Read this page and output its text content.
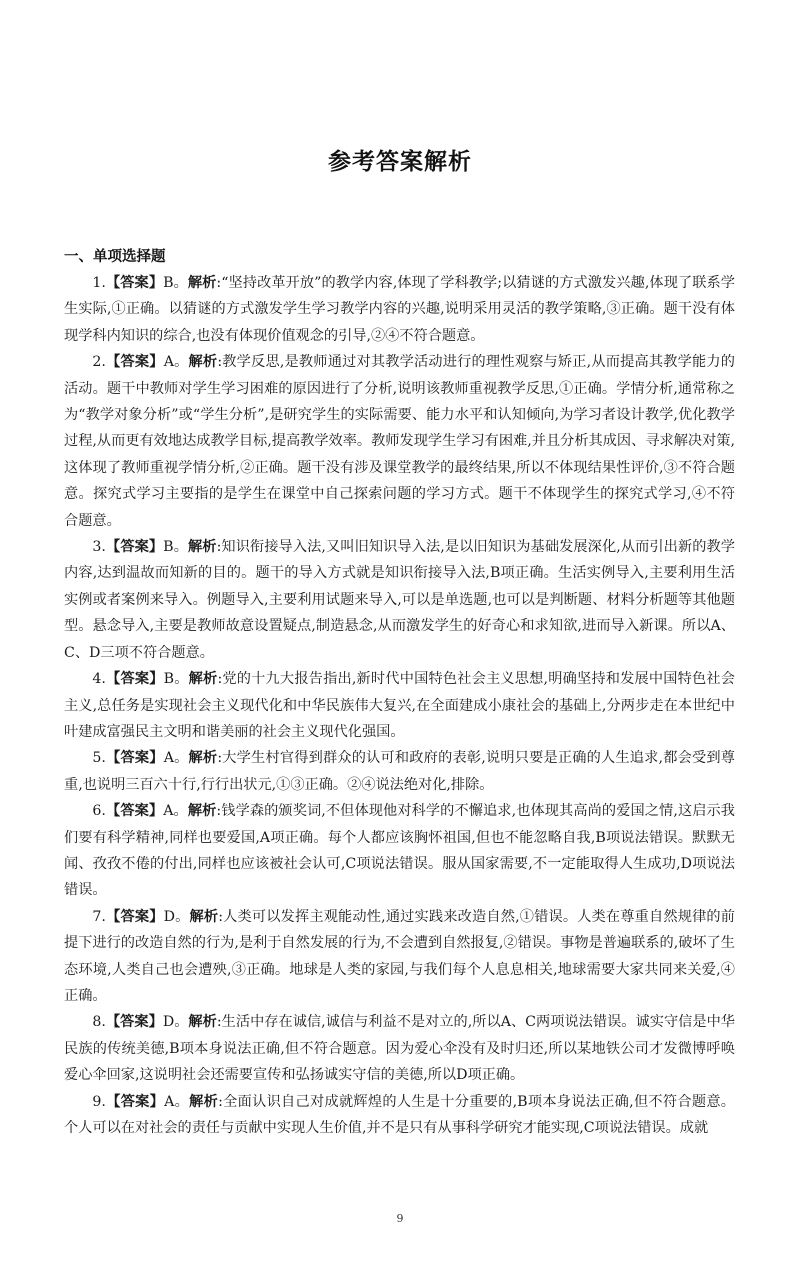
参考答案解析
一、单项选择题

1.【答案】B。解析:“坚持改革开放”的教学内容,体现了学科教学;以猜谜的方式激发兴趣,体现了联系学生实际,①正确。以猜谜的方式激发学生学习教学内容的兴趣,说明采用灵活的教学策略,③正确。题干没有体现学科内知识的综合,也没有体现价值观念的引导,②④不符合题意。

2.【答案】A。解析:教学反思,是教师通过对其教学活动进行的理性观察与矫正,从而提高其教学能力的活动。题干中教师对学生学习困难的原因进行了分析,说明该教师重视教学反思,①正确。学情分析,通常称之为“教学对象分析”或“学生分析”,是研究学生的实际需要、能力水平和认知倾向,为学习者设计教学,优化教学过程,从而更有效地达成教学目标,提高教学效率。教师发现学生学习有困难,并且分析其成因、寻求解决对策,这体现了教师重视学情分析,②正确。题干没有涉及课堂教学的最终结果,所以不体现结果性评价,③不符合题意。探究式学习主要指的是学生在课堂中自己探索问题的学习方式。题干不体现学生的探究式学习,④不符合题意。

3.【答案】B。解析:知识衔接导入法,又叫旧知识导入法,是以旧知识为基础发展深化,从而引出新的教学内容,达到温故而知新的目的。题干的导入方式就是知识衔接导入法,B项正确。生活实例导入,主要利用生活实例或者案例来导入。例题导入,主要利用试题来导入,可以是单选题,也可以是判断题、材料分析题等其他题型。悬念导入,主要是教师故意设置疑点,制造悬念,从而激发学生的好奇心和求知欲,进而导入新课。所以A、C、D三项不符合题意。

4.【答案】B。解析:党的十九大报告指出,新时代中国特色社会主义思想,明确坚持和发展中国特色社会主义,总任务是实现社会主义现代化和中华民族伟大复兴,在全面建成小康社会的基础上,分两步走在本世纪中叶建成富强民主文明和谐美丽的社会主义现代化强国。

5.【答案】A。解析:大学生村官得到群众的认可和政府的表彰,说明只要是正确的人生追求,都会受到尊重,也说明三百六十行,行行出状元,①③正确。②④说法绝对化,排除。

6.【答案】A。解析:钱学森的颁奖词,不但体现他对科学的不懈追求,也体现其高尚的爱国之情,这启示我们要有科学精神,同样也要爱国,A项正确。每个人都应该胸怀祖国,但也不能忽略自我,B项说法错误。默默无闻、孜孜不倦的付出,同样也应该被社会认可,C项说法错误。服从国家需要,不一定能取得人生成功,D项说法错误。

7.【答案】D。解析:人类可以发挥主观能动性,通过实践来改造自然,①错误。人类在尊重自然规律的前提下进行的改造自然的行为,是利于自然发展的行为,不会遭到自然报复,②错误。事物是普遍联系的,破坏了生态环境,人类自己也会遭殃,③正确。地球是人类的家园,与我们每个人息息相关,地球需要大家共同来关爱,④正确。

8.【答案】D。解析:生活中存在诚信,诚信与利益不是对立的,所以A、C两项说法错误。诚实守信是中华民族的传统美德,B项本身说法正确,但不符合题意。因为爱心伞没有及时归还,所以某地铁公司才发微博呼唤爱心伞回家,这说明社会还需要宣传和弘扬诚实守信的美德,所以D项正确。

9.【答案】A。解析:全面认识自己对成就辉煌的人生是十分重要的,B项本身说法正确,但不符合题意。个人可以在对社会的责任与贡献中实现人生价值,并不是只有从事科学研究才能实现,C项说法错误。成就

9
